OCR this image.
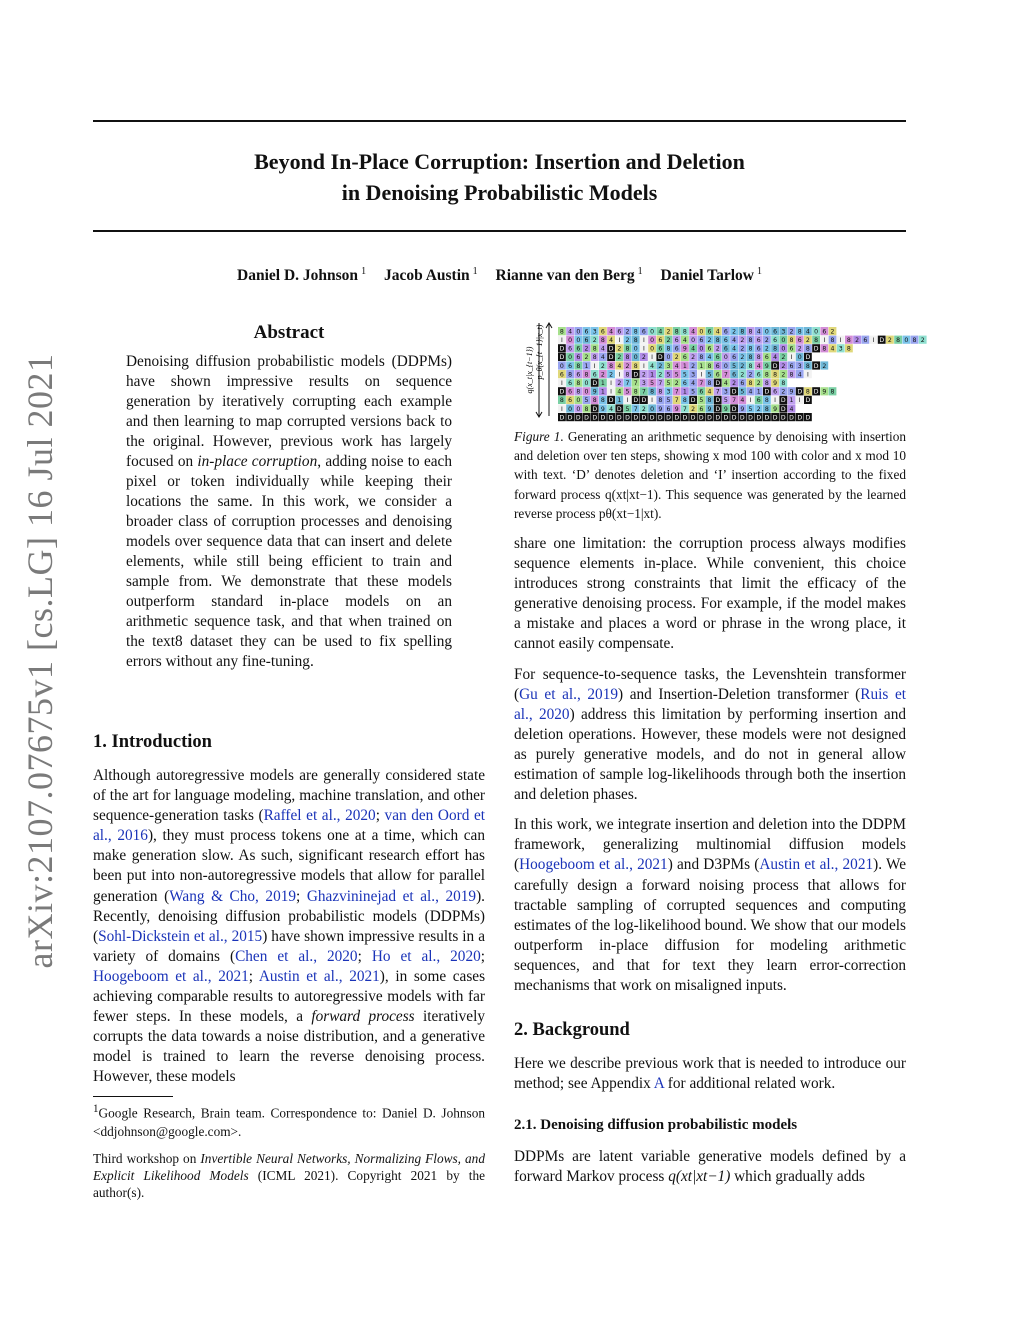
Beyond In-Place Corruption: Insertion and Deletion
in Denoising Probabilistic Models
Daniel D. Johnson $^1$ Jacob Austin $^1$ Rianne van den Berg $^1$ Daniel Tarlow $^1$
arXiv:2107.07675v1 [cs.LG] 16 Jul 2021
Abstract
Denoising diffusion probabilistic models (DDPMs) have shown impressive results on sequence generation by iteratively corrupting each example and then learning to map corrupted versions back to the original. However, previous work has largely focused on in-place corruption, adding noise to each pixel or token individually while keeping their locations the same. In this work, we consider a broader class of corruption processes and denoising models over sequence data that can insert and delete elements, while still being efficient to train and sample from. We demonstrate that these models outperform standard in-place models on an arithmetic sequence task, and that when trained on the text8 dataset they can be used to fix spelling errors without any fine-tuning.
q(x_t|x_{t−1}) p_θ(x_{t−1}|x_t)	8 4 0 6 3 6 4 6 2 8 6 0 4 2 8 8 4 0 6 4 6 2 8 8 4 0 6 3 2 8 4 0 6 2
I 0 0 6 2 8 4 I 2 8 I 0 6 2 6 4 0 6 2 8 6 4 2 8 6 2 6 0 8 6 2 8 I 8 I 8 2 6 I D 2 8 0 8 2
D 6 6 2 8 4 D 2 8 0 I 0 6 8 6 9 4 0 6 2 6 4 2 8 6 2 8 0 6 2 8 D 8 4 3 8
D 0 6 2 8 4 D 2 8 0 2 I D 0 2 6 2 8 4 6 0 6 2 8 8 6 4 2 I 0 D
0 6 8 1 I 2 8 4 2 8 I 4 2 3 4 1 2 1 8 6 0 5 2 8 4 9 D 2 6 3 8 D 2
6 8 6 8 6 2 2 I 8 D 2 1 2 5 5 5 3 I 5 6 7 6 2 2 6 8 8 2 8 4 I
I 6 8 0 D 1 I 2 7 7 3 5 7 5 2 6 4 7 8 D 4 2 6 8 2 8 9 8
D 6 8 0 9 1 I 4 5 8 7 8 8 3 7 1 5 6 4 7 3 D 5 4 1 D 6 2 9 D 8 D 9 8
8 6 0 5 8 8 D 1 I D D I 8 5 7 8 D 5 8 D 5 7 4 I 6 8 I D 1 I D
I 0 0 8 D 9 4 D 5 7 2 0 9 6 9 7 2 6 9 D 9 D 9 5 2 8 9 D 4
D D D D D D D D D D D D D D D D D D D D D D D D D D D D D D D
Figure 1. Generating an arithmetic sequence by denoising with insertion and deletion over ten steps, showing x mod 100 with color and x mod 10 with text. ‘D’ denotes deletion and ‘I’ insertion according to the fixed forward process q(xt|xt−1). This sequence was generated by the learned reverse process pθ(xt−1|xt).
1. Introduction
Although autoregressive models are generally considered state of the art for language modeling, machine translation, and other sequence-generation tasks (Raffel et al., 2020; van den Oord et al., 2016), they must process tokens one at a time, which can make generation slow. As such, significant research effort has been put into non-autoregressive models that allow for parallel generation (Wang & Cho, 2019; Ghazvininejad et al., 2019). Recently, denoising diffusion probabilistic models (DDPMs) (Sohl-Dickstein et al., 2015) have shown impressive results in a variety of domains (Chen et al., 2020; Ho et al., 2020; Hoogeboom et al., 2021; Austin et al., 2021), in some cases achieving comparable results to autoregressive models with far fewer steps. In these models, a forward process iteratively corrupts the data towards a noise distribution, and a generative model is trained to learn the reverse denoising process. However, these models
$^1$Google Research, Brain team. Correspondence to: Daniel D. Johnson <ddjohnson@google.com>.
Third workshop on Invertible Neural Networks, Normalizing Flows, and Explicit Likelihood Models (ICML 2021). Copyright 2021 by the author(s).

share one limitation: the corruption process always modifies sequence elements in-place. While convenient, this choice introduces strong constraints that limit the efficacy of the generative denoising process. For example, if the model makes a mistake and places a word or phrase in the wrong place, it cannot easily compensate.

For sequence-to-sequence tasks, the Levenshtein transformer (Gu et al., 2019) and Insertion-Deletion transformer (Ruis et al., 2020) address this limitation by performing insertion and deletion operations. However, these models were not designed as purely generative models, and do not in general allow estimation of sample log-likelihoods through both the insertion and deletion phases.

In this work, we integrate insertion and deletion into the DDPM framework, generalizing multinomial diffusion models (Hoogeboom et al., 2021) and D3PMs (Austin et al., 2021). We carefully design a forward noising process that allows for tractable sampling of corrupted sequences and computing estimates of the log-likelihood bound. We show that our models outperform in-place diffusion for modeling arithmetic sequences, and that for text they learn error-correction mechanisms that work on misaligned inputs.

2. Background
Here we describe previous work that is needed to introduce our method; see Appendix A for additional related work.
2.1. Denoising diffusion probabilistic models
DDPMs are latent variable generative models defined by a forward Markov process q(xt|xt−1) which gradually adds
